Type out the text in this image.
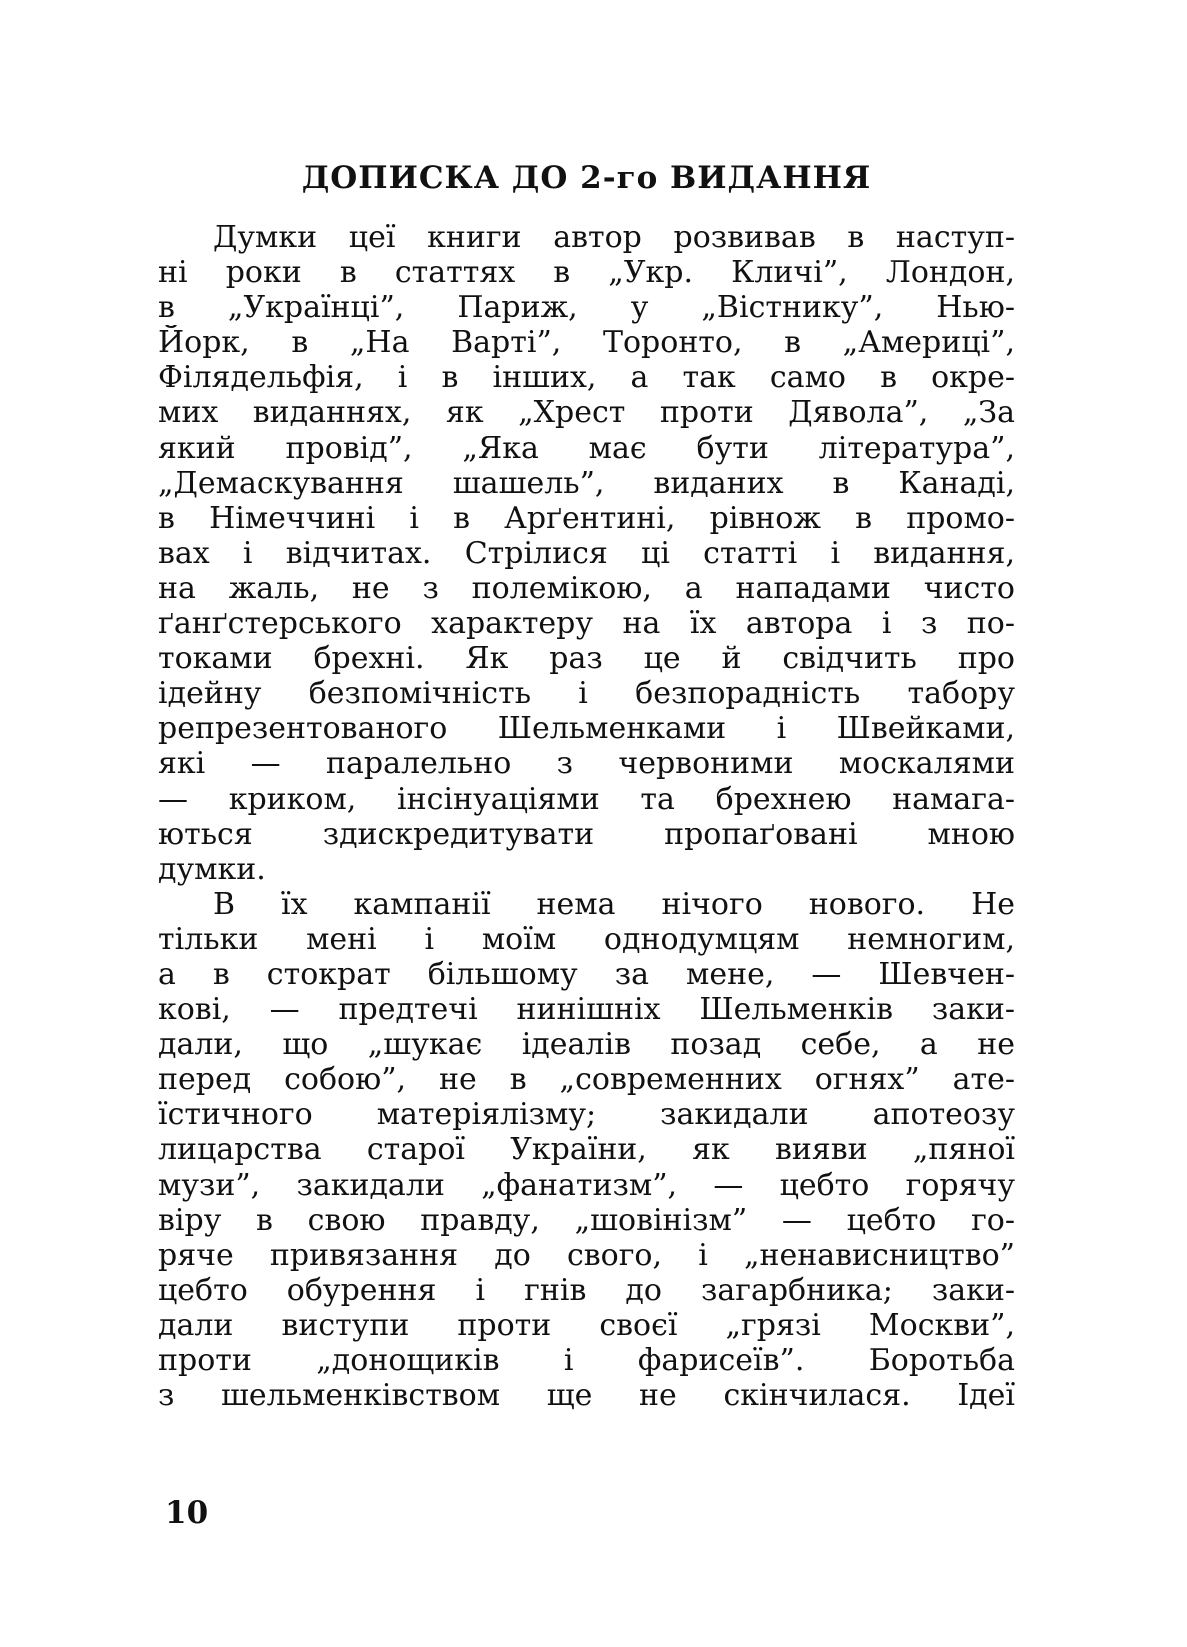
ДОПИСКА ДО 2-го ВИДАННЯ
Думки цеї книги автор розвивав в наступ-
ні роки в статтях в „Укр. Кличі”, Лондон,
в „Українці”, Париж, у „Вістнику”, Нью-
Йорк, в „На Варті”, Торонто, в „Америці”,
Філядельфія, і в інших, а так само в окре-
мих виданнях, як „Хрест проти Дявола”, „За
який провід”, „Яка має бути література”,
„Демаскування шашель”, виданих в Канаді,
в Німеччині і в Арґентині, рівнож в промо-
вах і відчитах. Стрілися ці статті і видання,
на жаль, не з полемікою, а нападами чисто
ґанґстерського характеру на їх автора і з по-
токами брехні. Як раз це й свідчить про
ідейну безпомічність і безпорадність табору
репрезентованого Шельменками і Швейками,
які — паралельно з червоними москалями
— криком, інсінуаціями та брехнею намага-
ються здискредитувати пропаґовані мною
думки.
В їх кампанії нема нічого нового. Не
тільки мені і моїм однодумцям немногим,
а в стократ більшому за мене, — Шевчен-
кові, — предтечі нинішніх Шельменків заки-
дали, що „шукає ідеалів позад себе, а не
перед собою”, не в „современних огнях” ате-
їстичного матеріялізму; закидали апотеозу
лицарства старої України, як вияви „пяної
музи”, закидали „фанатизм”, — цебто горячу
віру в свою правду, „шовінізм” — цебто го-
ряче привязання до свого, і „ненависництво”
цебто обурення і гнів до загарбника; заки-
дали виступи проти своєї „грязі Москви”,
проти „донощиків і фарисеїв”. Боротьба
з шельменківством ще не скінчилася. Ідеї
10
